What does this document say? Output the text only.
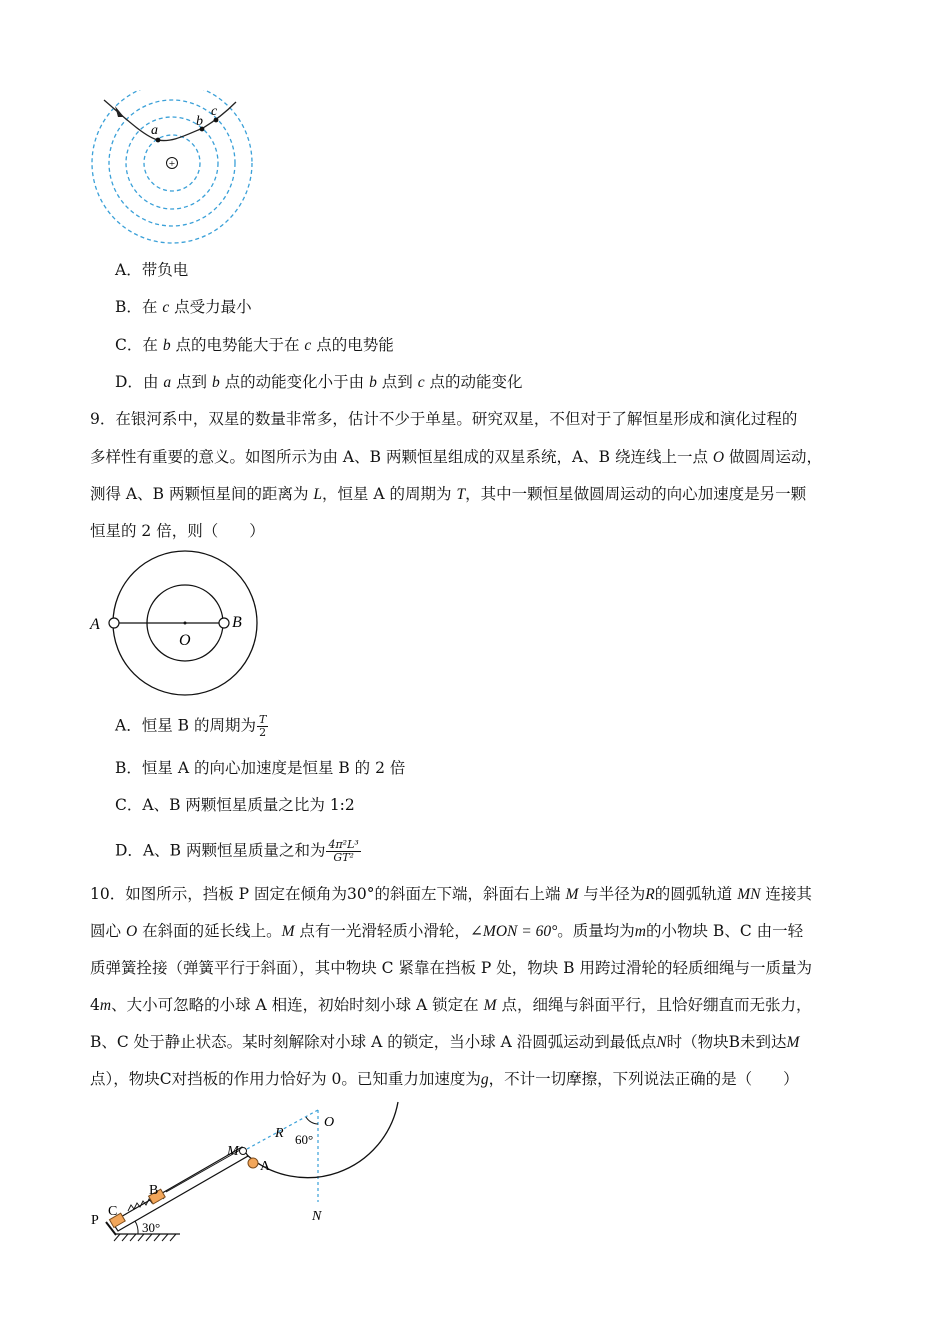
a
b
c
+
A．带负电
B．在 c 点受力最小
C．在 b 点的电势能大于在 c 点的电势能
D．由 a 点到 b 点的动能变化小于由 b 点到 c 点的动能变化
9．在银河系中，双星的数量非常多，估计不少于单星。研究双星，不但对于了解恒星形成和演化过程的
多样性有重要的意义。如图所示为由 A、B 两颗恒星组成的双星系统，A、B 绕连线上一点 O 做圆周运动，
测得 A、B 两颗恒星间的距离为 L，恒星 A 的周期为 T，其中一颗恒星做圆周运动的向心加速度是另一颗
恒星的 2 倍，则（　　）
A	B
O
A．恒星 B 的周期为 $\frac{T}{2}$
B．恒星 A 的向心加速度是恒星 B 的 2 倍
C．A、B 两颗恒星质量之比为 1:2
D．A、B 两颗恒星质量之和为 $\frac{\text{4π²L³}}{\text{GT²}}$
10．如图所示，挡板 P 固定在倾角为30°的斜面左下端，斜面右上端 M 与半径为R的圆弧轨道 MN 连接其
圆心 O 在斜面的延长线上。M 点有一光滑轻质小滑轮，∠MON = 60°。质量均为m的小物块 B、C 由一轻
质弹簧拴接（弹簧平行于斜面），其中物块 C 紧靠在挡板 P 处，物块 B 用跨过滑轮的轻质细绳与一质量为
4m、大小可忽略的小球 A 相连，初始时刻小球 A 锁定在 M 点，细绳与斜面平行，且恰好绷直而无张力，
B、C 处于静止状态。某时刻解除对小球 A 的锁定，当小球 A 沿圆弧运动到最低点N时（物块B未到达M
点），物块C对挡板的作用力恰好为 0。已知重力加速度为g，不计一切摩擦，下列说法正确的是（　　）
P
C
B
M
A
R
O
N
60°
30°
